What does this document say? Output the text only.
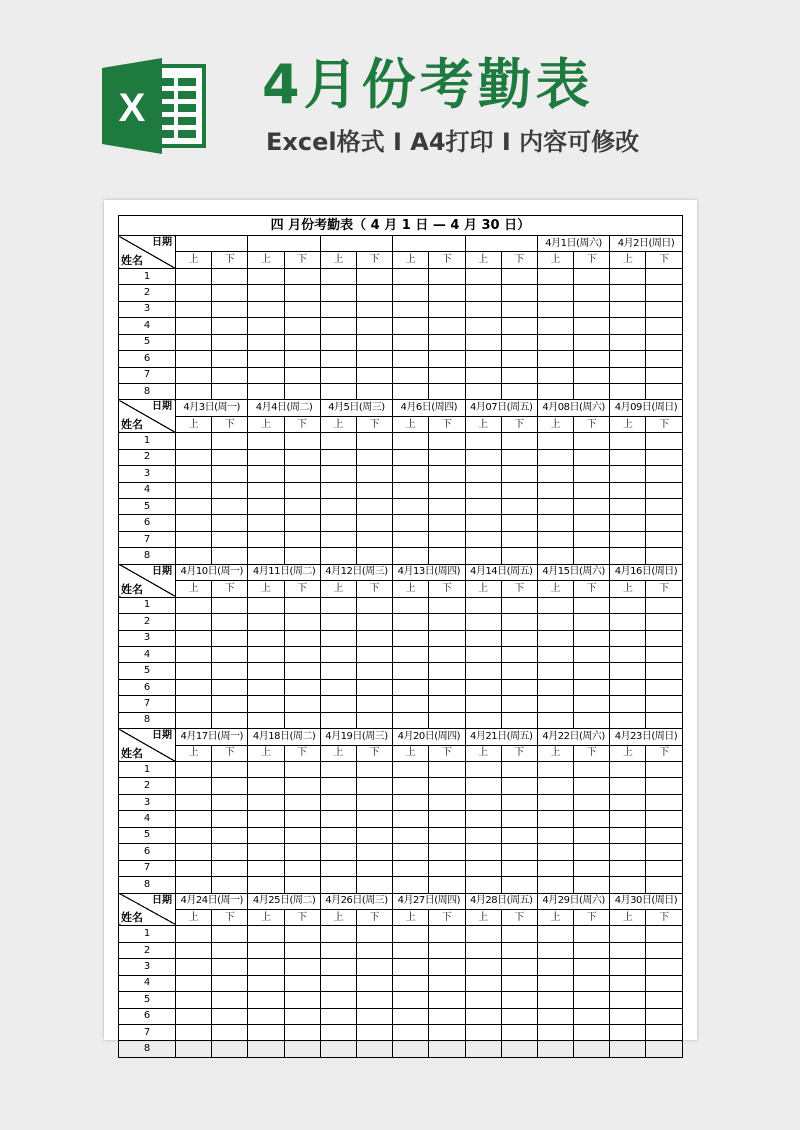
X 4月份考勤表
Excel格式 I A4打印 I 内容可修改
四 月份考勤表（ 4 月 1 日 — 4 月 30 日）														

日期
姓名											4月1日(周六)		4月2日(周日)	
	上	下	上	下	上	下	上	下	上	下	上	下	上	下
1														
2														
3														
4														
5														
6														
7														
8														

日期
姓名	4月3日(周一)		4月4日(周二)		4月5日(周三)		4月6日(周四)		4月07日(周五)		4月08日(周六)		4月09日(周日)	
	上	下	上	下	上	下	上	下	上	下	上	下	上	下
1														
2														
3														
4														
5														
6														
7														
8														

日期
姓名	4月10日(周一)		4月11日(周二)		4月12日(周三)		4月13日(周四)		4月14日(周五)		4月15日(周六)		4月16日(周日)	
	上	下	上	下	上	下	上	下	上	下	上	下	上	下
1														
2														
3														
4														
5														
6														
7														
8														

日期
姓名	4月17日(周一)		4月18日(周二)		4月19日(周三)		4月20日(周四)		4月21日(周五)		4月22日(周六)		4月23日(周日)	
	上	下	上	下	上	下	上	下	上	下	上	下	上	下
1														
2														
3														
4														
5														
6														
7														
8														

日期
姓名	4月24日(周一)		4月25日(周二)		4月26日(周三)		4月27日(周四)		4月28日(周五)		4月29日(周六)		4月30日(周日)	
	上	下	上	下	上	下	上	下	上	下	上	下	上	下
1														
2														
3														
4														
5														
6														
7														
8														
